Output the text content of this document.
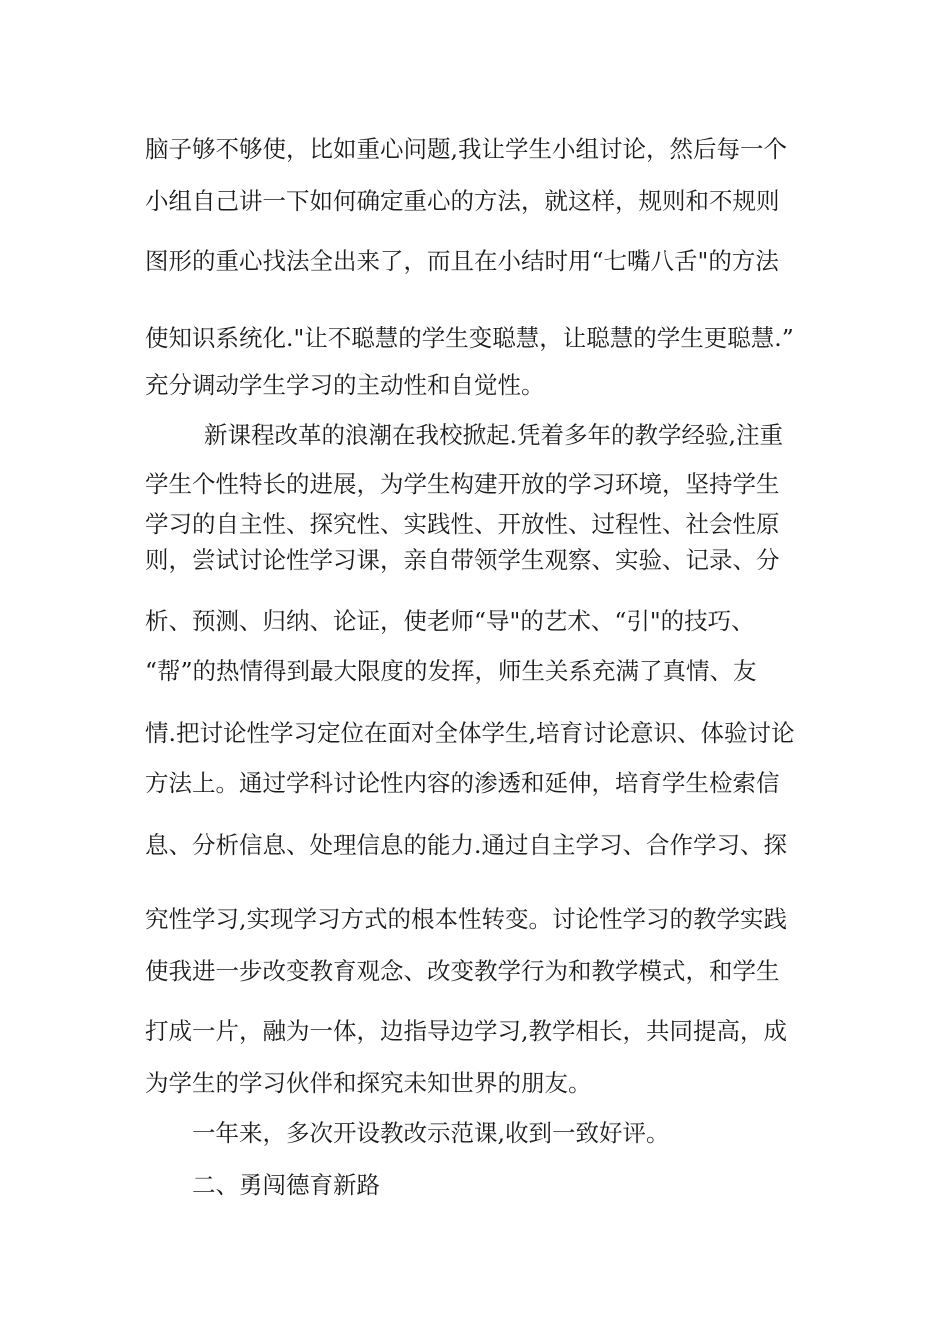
脑子够不够使，比如重心问题,我让学生小组讨论，然后每一个
小组自己讲一下如何确定重心的方法，就这样，规则和不规则
图形的重心找法全出来了，而且在小结时用“七嘴八舌"的方法
使知识系统化."让不聪慧的学生变聪慧，让聪慧的学生更聪慧.”
充分调动学生学习的主动性和自觉性。
新课程改革的浪潮在我校掀起.凭着多年的教学经验,注重
学生个性特长的进展，为学生构建开放的学习环境，坚持学生
学习的自主性、探究性、实践性、开放性、过程性、社会性原
则，尝试讨论性学习课，亲自带领学生观察、实验、记录、分
析、预测、归纳、论证，使老师“导"的艺术、“引"的技巧、
“帮”的热情得到最大限度的发挥，师生关系充满了真情、友
情.把讨论性学习定位在面对全体学生,培育讨论意识、体验讨论
方法上。通过学科讨论性内容的渗透和延伸，培育学生检索信
息、分析信息、处理信息的能力.通过自主学习、合作学习、探
究性学习,实现学习方式的根本性转变。讨论性学习的教学实践
使我进一步改变教育观念、改变教学行为和教学模式，和学生
打成一片，融为一体，边指导边学习,教学相长，共同提高，成
为学生的学习伙伴和探究未知世界的朋友。
一年来，多次开设教改示范课,收到一致好评。
二、勇闯德育新路
